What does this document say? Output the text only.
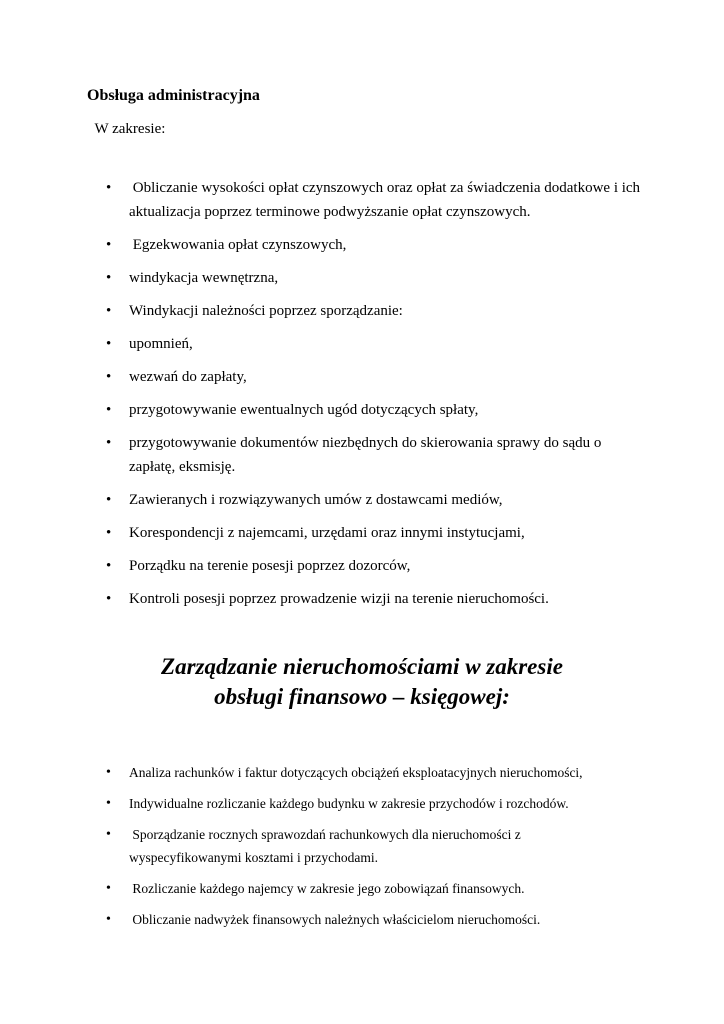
Obsługa administracyjna

W zakresie:

•  Obliczanie wysokości opłat czynszowych oraz opłat za świadczenia dodatkowe i ich aktualizacja poprzez terminowe podwyższanie opłat czynszowych.
•  Egzekwowania opłat czynszowych,
• windykacja wewnętrzna,
• Windykacji należności poprzez sporządzanie:
• upomnień,
• wezwań do zapłaty,
• przygotowywanie ewentualnych ugód dotyczących spłaty,
• przygotowywanie dokumentów niezbędnych do skierowania sprawy do sądu o zapłatę, eksmisję.
• Zawieranych i rozwiązywanych umów z dostawcami mediów,
• Korespondencji z najemcami, urzędami oraz innymi instytucjami,
• Porządku na terenie posesji poprzez dozorców,
• Kontroli posesji poprzez prowadzenie wizji na terenie nieruchomości.
Zarządzanie nieruchomościami w zakresie
obsługi finansowo – księgowej:
• Analiza rachunków i faktur dotyczących obciążeń eksploatacyjnych nieruchomości,
• Indywidualne rozliczanie każdego budynku w zakresie przychodów i rozchodów.
•  Sporządzanie rocznych sprawozdań rachunkowych dla nieruchomości z wyspecyfikowanymi kosztami i przychodami.
•  Rozliczanie każdego najemcy w zakresie jego zobowiązań finansowych.
•  Obliczanie nadwyżek finansowych należnych właścicielom nieruchomości.
